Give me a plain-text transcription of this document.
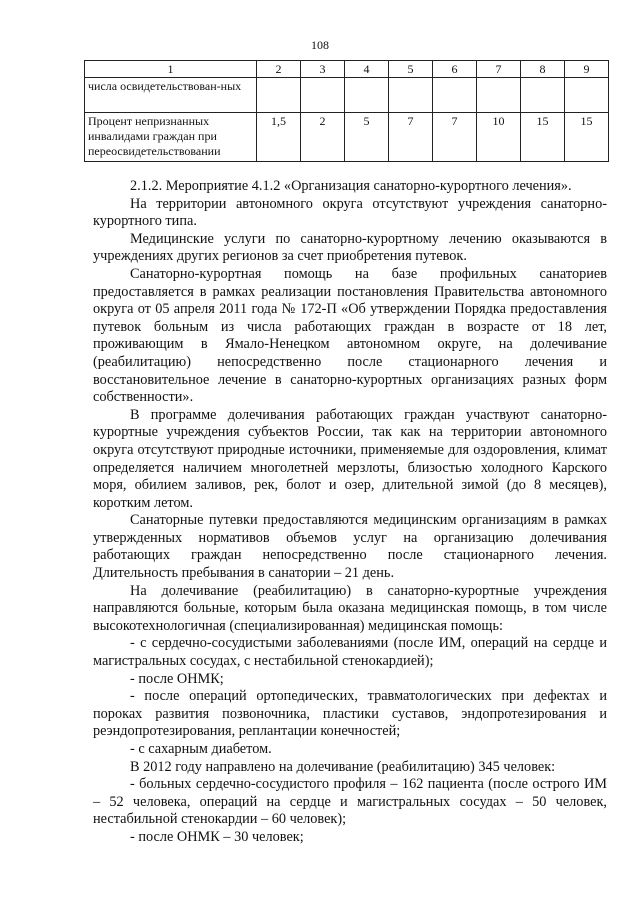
108
1	2	3	4	5	6	7	8	9
числа освидетельствован-ных								
Процент непризнанных инвалидами граждан при переосвидетельствовании	1,5	2	5	7	7	10	15	15

2.1.2. Мероприятие 4.1.2 «Организация санаторно-курортного лечения».

На территории автономного округа отсутствуют учреждения санаторно-курортного типа.

Медицинские услуги по санаторно-курортному лечению оказываются в учреждениях других регионов за счет приобретения путевок.

Санаторно-курортная помощь на базе профильных санаториев предоставляется в рамках реализации постановления Правительства автономного округа от 05 апреля 2011 года № 172-П «Об утверждении Порядка предоставления путевок больным из числа работающих граждан в возрасте от 18 лет, проживающим в Ямало-Ненецком автономном округе, на долечивание (реабилитацию) непосредственно после стационарного лечения и восстановительное лечение в санаторно-курортных организациях разных форм собственности».

В программе долечивания работающих граждан участвуют санаторно-курортные учреждения субъектов России, так как на территории автономного округа отсутствуют природные источники, применяемые для оздоровления, климат определяется наличием многолетней мерзлоты, близостью холодного Карского моря, обилием заливов, рек, болот и озер, длительной зимой (до 8 месяцев), коротким летом.

Санаторные путевки предоставляются медицинским организациям в рамках утвержденных нормативов объемов услуг на организацию долечивания работающих граждан непосредственно после стационарного лечения. Длительность пребывания в санатории – 21 день.

На долечивание (реабилитацию) в санаторно-курортные учреждения направляются больные, которым была оказана медицинская помощь, в том числе высокотехнологичная (специализированная) медицинская помощь:

- с сердечно-сосудистыми заболеваниями (после ИМ, операций на сердце и магистральных сосудах, с нестабильной стенокардией);

- после ОНМК;

- после операций ортопедических, травматологических при дефектах и пороках развития позвоночника, пластики суставов, эндопротезирования и реэндопротезирования, реплантации конечностей;

- с сахарным диабетом.

В 2012 году направлено на долечивание (реабилитацию) 345 человек:

- больных сердечно-сосудистого профиля – 162 пациента (после острого ИМ – 52 человека, операций на сердце и магистральных сосудах – 50 человек, нестабильной стенокардии – 60 человек);

- после ОНМК – 30 человек;
